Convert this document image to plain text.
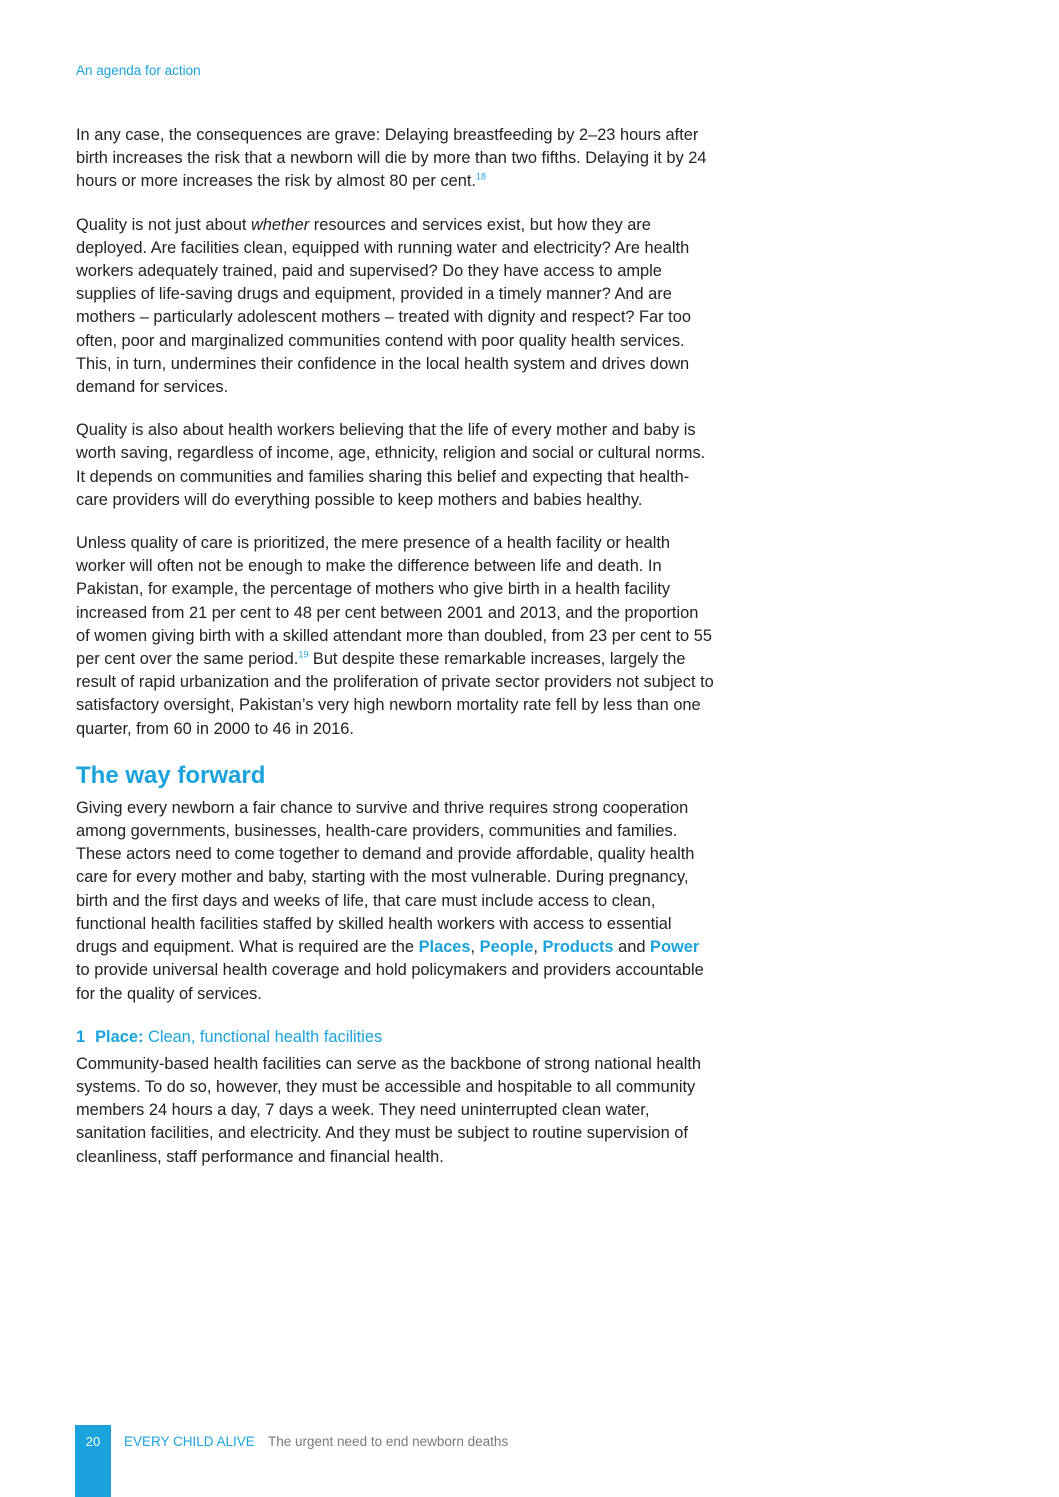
An agenda for action

In any case, the consequences are grave: Delaying breastfeeding by 2–23 hours after birth increases the risk that a newborn will die by more than two fifths. Delaying it by 24 hours or more increases the risk by almost 80 per cent.$^{18}$

Quality is not just about whether resources and services exist, but how they are deployed. Are facilities clean, equipped with running water and electricity? Are health workers adequately trained, paid and supervised? Do they have access to ample supplies of life-saving drugs and equipment, provided in a timely manner? And are mothers – particularly adolescent mothers – treated with dignity and respect? Far too often, poor and marginalized communities contend with poor quality health services. This, in turn, undermines their confidence in the local health system and drives down demand for services.

Quality is also about health workers believing that the life of every mother and baby is worth saving, regardless of income, age, ethnicity, religion and social or cultural norms. It depends on communities and families sharing this belief and expecting that health-care providers will do everything possible to keep mothers and babies healthy.

Unless quality of care is prioritized, the mere presence of a health facility or health worker will often not be enough to make the difference between life and death. In Pakistan, for example, the percentage of mothers who give birth in a health facility increased from 21 per cent to 48 per cent between 2001 and 2013, and the proportion of women giving birth with a skilled attendant more than doubled, from 23 per cent to 55 per cent over the same period.$^{19}$ But despite these remarkable increases, largely the result of rapid urbanization and the proliferation of private sector providers not subject to satisfactory oversight, Pakistan’s very high newborn mortality rate fell by less than one quarter, from 60 in 2000 to 46 in 2016.

The way forward

Giving every newborn a fair chance to survive and thrive requires strong cooperation among governments, businesses, health-care providers, communities and families. These actors need to come together to demand and provide affordable, quality health care for every mother and baby, starting with the most vulnerable. During pregnancy, birth and the first days and weeks of life, that care must include access to clean, functional health facilities staffed by skilled health workers with access to essential drugs and equipment. What is required are the Places, People, Products and Power to provide universal health coverage and hold policymakers and providers accountable for the quality of services.

1 Place: Clean, functional health facilities

Community-based health facilities can serve as the backbone of strong national health systems. To do so, however, they must be accessible and hospitable to all community members 24 hours a day, 7 days a week. They need uninterrupted clean water, sanitation facilities, and electricity. And they must be subject to routine supervision of cleanliness, staff performance and financial health.

20	EVERY CHILD ALIVE The urgent need to end newborn deaths
